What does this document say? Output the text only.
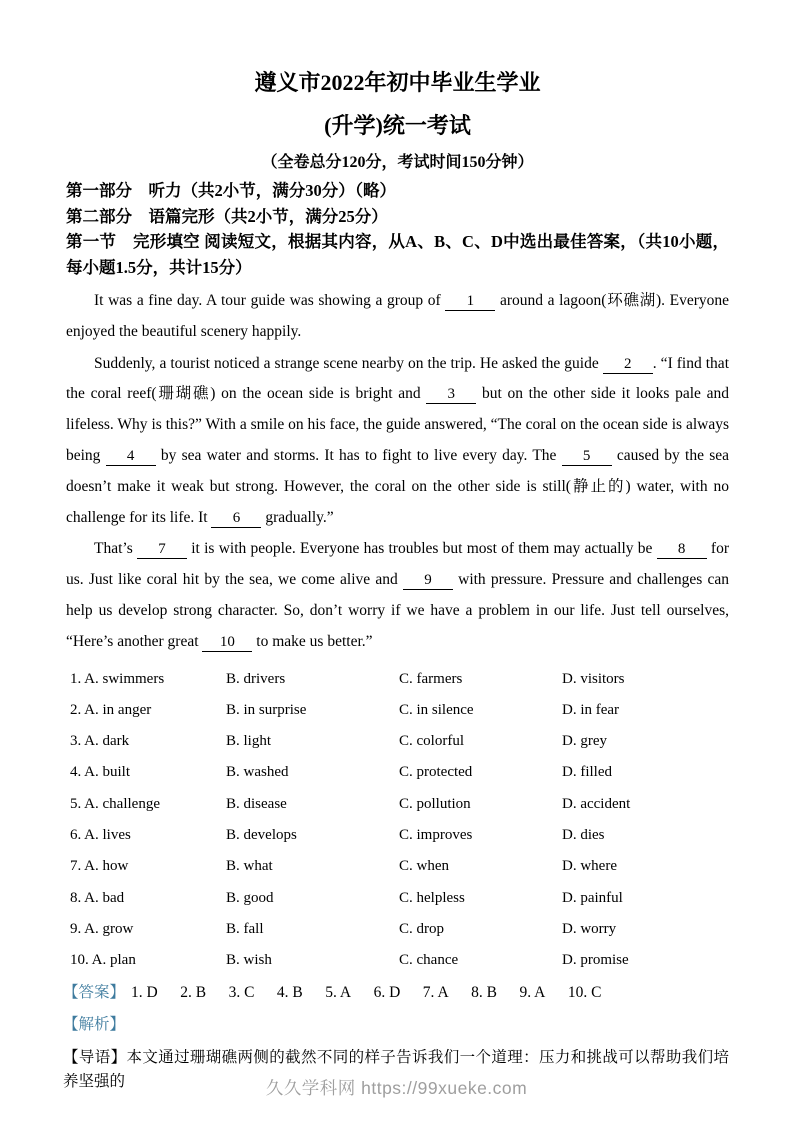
遵义市2022年初中毕业生学业
(升学)统一考试
（全卷总分120分，考试时间150分钟）
第一部分　听力（共2小节，满分30分）（略）
第二部分　语篇完形（共2小节，满分25分）
第一节　完形填空 阅读短文，根据其内容，从A、B、C、D中选出最佳答案，（共10小题，每小题1.5分，共计15分）

It was a fine day. A tour guide was showing a group of 1 around a lagoon(环礁湖). Everyone enjoyed the beautiful scenery happily.

Suddenly, a tourist noticed a strange scene nearby on the trip. He asked the guide 2 . “I find that the coral reef(珊瑚礁) on the ocean side is bright and 3 but on the other side it looks pale and lifeless. Why is this?” With a smile on his face, the guide answered, “The coral on the ocean side is always being 4 by sea water and storms. It has to fight to live every day. The 5 caused by the sea doesn’t make it weak but strong. However, the coral on the other side is still(静止的) water, with no challenge for its life. It 6 gradually.”

That’s 7 it is with people. Everyone has troubles but most of them may actually be 8 for us. Just like coral hit by the sea, we come alive and 9 with pressure. Pressure and challenges can help us develop strong character. So, don’t worry if we have a problem in our life. Just tell ourselves, “Here’s another great 10 to make us better.”

1. A. swimmers	B. drivers	C. farmers	D. visitors
2. A. in anger	B. in surprise	C. in silence	D. in fear
3. A. dark	B. light	C. colorful	D. grey
4. A. built	B. washed	C. protected	D. filled
5. A. challenge	B. disease	C. pollution	D. accident
6. A. lives	B. develops	C. improves	D. dies
7. A. how	B. what	C. when	D. where
8. A. bad	B. good	C. helpless	D. painful
9. A. grow	B. fall	C. drop	D. worry
10. A. plan	B. wish	C. chance	D. promise
【答案】 1. D 2. B 3. C 4. B 5. A 6. D 7. A 8. B 9. A 10. C
【解析】
【导语】本文通过珊瑚礁两侧的截然不同的样子告诉我们一个道理：压力和挑战可以帮助我们培养坚强的	久久学科网 https://99xueke.com
